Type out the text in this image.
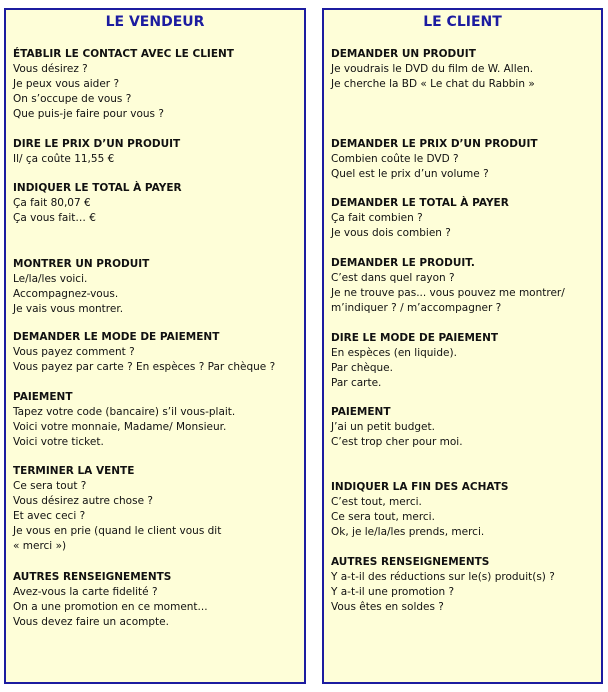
LE VENDEUR
ÉTABLIR LE CONTACT AVEC LE CLIENT
Vous désirez ?
Je peux vous aider ?
On s’occupe de vous ?
Que puis-je faire pour vous ?
DIRE LE PRIX D’UN PRODUIT
Il/ ça coûte 11,55 €
INDIQUER LE TOTAL À PAYER
Ça fait 80,07 €
Ça vous fait… €
MONTRER UN PRODUIT
Le/la/les voici.
Accompagnez-vous.
Je vais vous montrer.
DEMANDER LE MODE DE PAIEMENT
Vous payez comment ?
Vous payez par carte ? En espèces ? Par chèque ?
PAIEMENT
Tapez votre code (bancaire) s’il vous-plait.
Voici votre monnaie, Madame/ Monsieur.
Voici votre ticket.
TERMINER LA VENTE
Ce sera tout ?
Vous désirez autre chose ?
Et avec ceci ?
Je vous en prie (quand le client vous dit
« merci »)
AUTRES RENSEIGNEMENTS
Avez-vous la carte fidelité ?
On a une promotion en ce moment...
Vous devez faire un acompte.
LE CLIENT
DEMANDER UN PRODUIT
Je voudrais le DVD du film de W. Allen.
Je cherche la BD « Le chat du Rabbin »
DEMANDER LE PRIX D’UN PRODUIT
Combien coûte le DVD ?
Quel est le prix d’un volume ?
DEMANDER LE TOTAL À PAYER
Ça fait combien ?
Je vous dois combien ?
DEMANDER LE PRODUIT.
C’est dans quel rayon ?
Je ne trouve pas... vous pouvez me montrer/
m’indiquer ? / m’accompagner ?
DIRE LE MODE DE PAIEMENT
En espèces (en liquide).
Par chèque.
Par carte.
PAIEMENT
J’ai un petit budget.
C’est trop cher pour moi.
INDIQUER LA FIN DES ACHATS
C’est tout, merci.
Ce sera tout, merci.
Ok, je le/la/les prends, merci.
AUTRES RENSEIGNEMENTS
Y a-t-il des réductions sur le(s) produit(s) ?
Y a-t-il une promotion ?
Vous êtes en soldes ?
